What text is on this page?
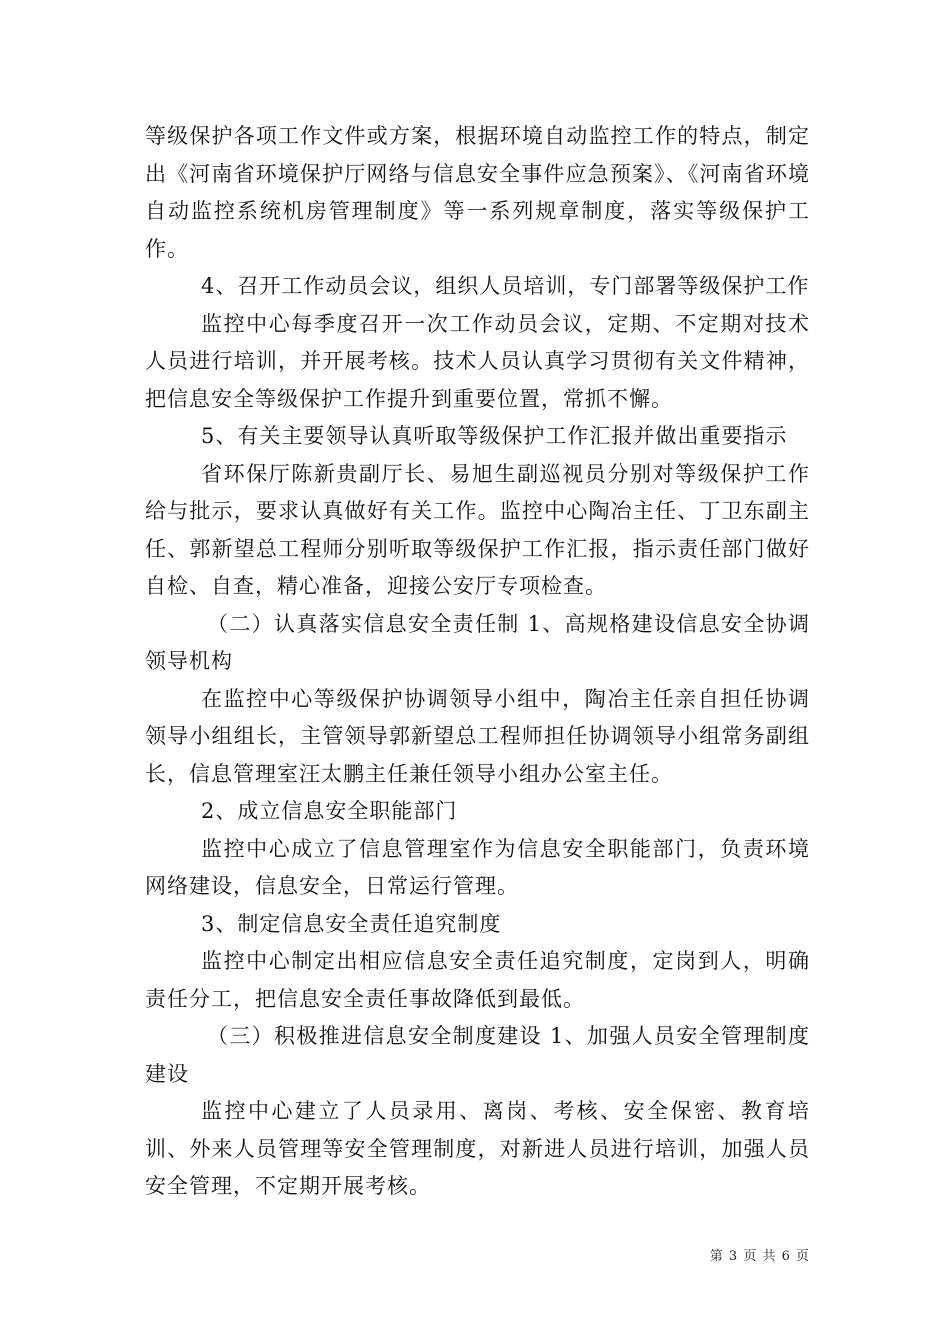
等级保护各项工作文件或方案，根据环境自动监控工作的特点，制定出《河南省环境保护厅网络与信息安全事件应急预案》、《河南省环境自动监控系统机房管理制度》等一系列规章制度，落实等级保护工作。

4、召开工作动员会议，组织人员培训，专门部署等级保护工作

监控中心每季度召开一次工作动员会议，定期、不定期对技术人员进行培训，并开展考核。技术人员认真学习贯彻有关文件精神，把信息安全等级保护工作提升到重要位置，常抓不懈。

5、有关主要领导认真听取等级保护工作汇报并做出重要指示

省环保厅陈新贵副厅长、易旭生副巡视员分别对等级保护工作给与批示，要求认真做好有关工作。监控中心陶冶主任、丁卫东副主任、郭新望总工程师分别听取等级保护工作汇报，指示责任部门做好自检、自查，精心准备，迎接公安厅专项检查。

（二）认真落实信息安全责任制 1、高规格建设信息安全协调领导机构

在监控中心等级保护协调领导小组中，陶冶主任亲自担任协调领导小组组长，主管领导郭新望总工程师担任协调领导小组常务副组长，信息管理室汪太鹏主任兼任领导小组办公室主任。

2、成立信息安全职能部门

监控中心成立了信息管理室作为信息安全职能部门，负责环境网络建设，信息安全，日常运行管理。

3、制定信息安全责任追究制度

监控中心制定出相应信息安全责任追究制度，定岗到人，明确责任分工，把信息安全责任事故降低到最低。

（三）积极推进信息安全制度建设 1、加强人员安全管理制度建设

监控中心建立了人员录用、离岗、考核、安全保密、教育培训、外来人员管理等安全管理制度，对新进人员进行培训，加强人员安全管理，不定期开展考核。

第 3 页 共 6 页
